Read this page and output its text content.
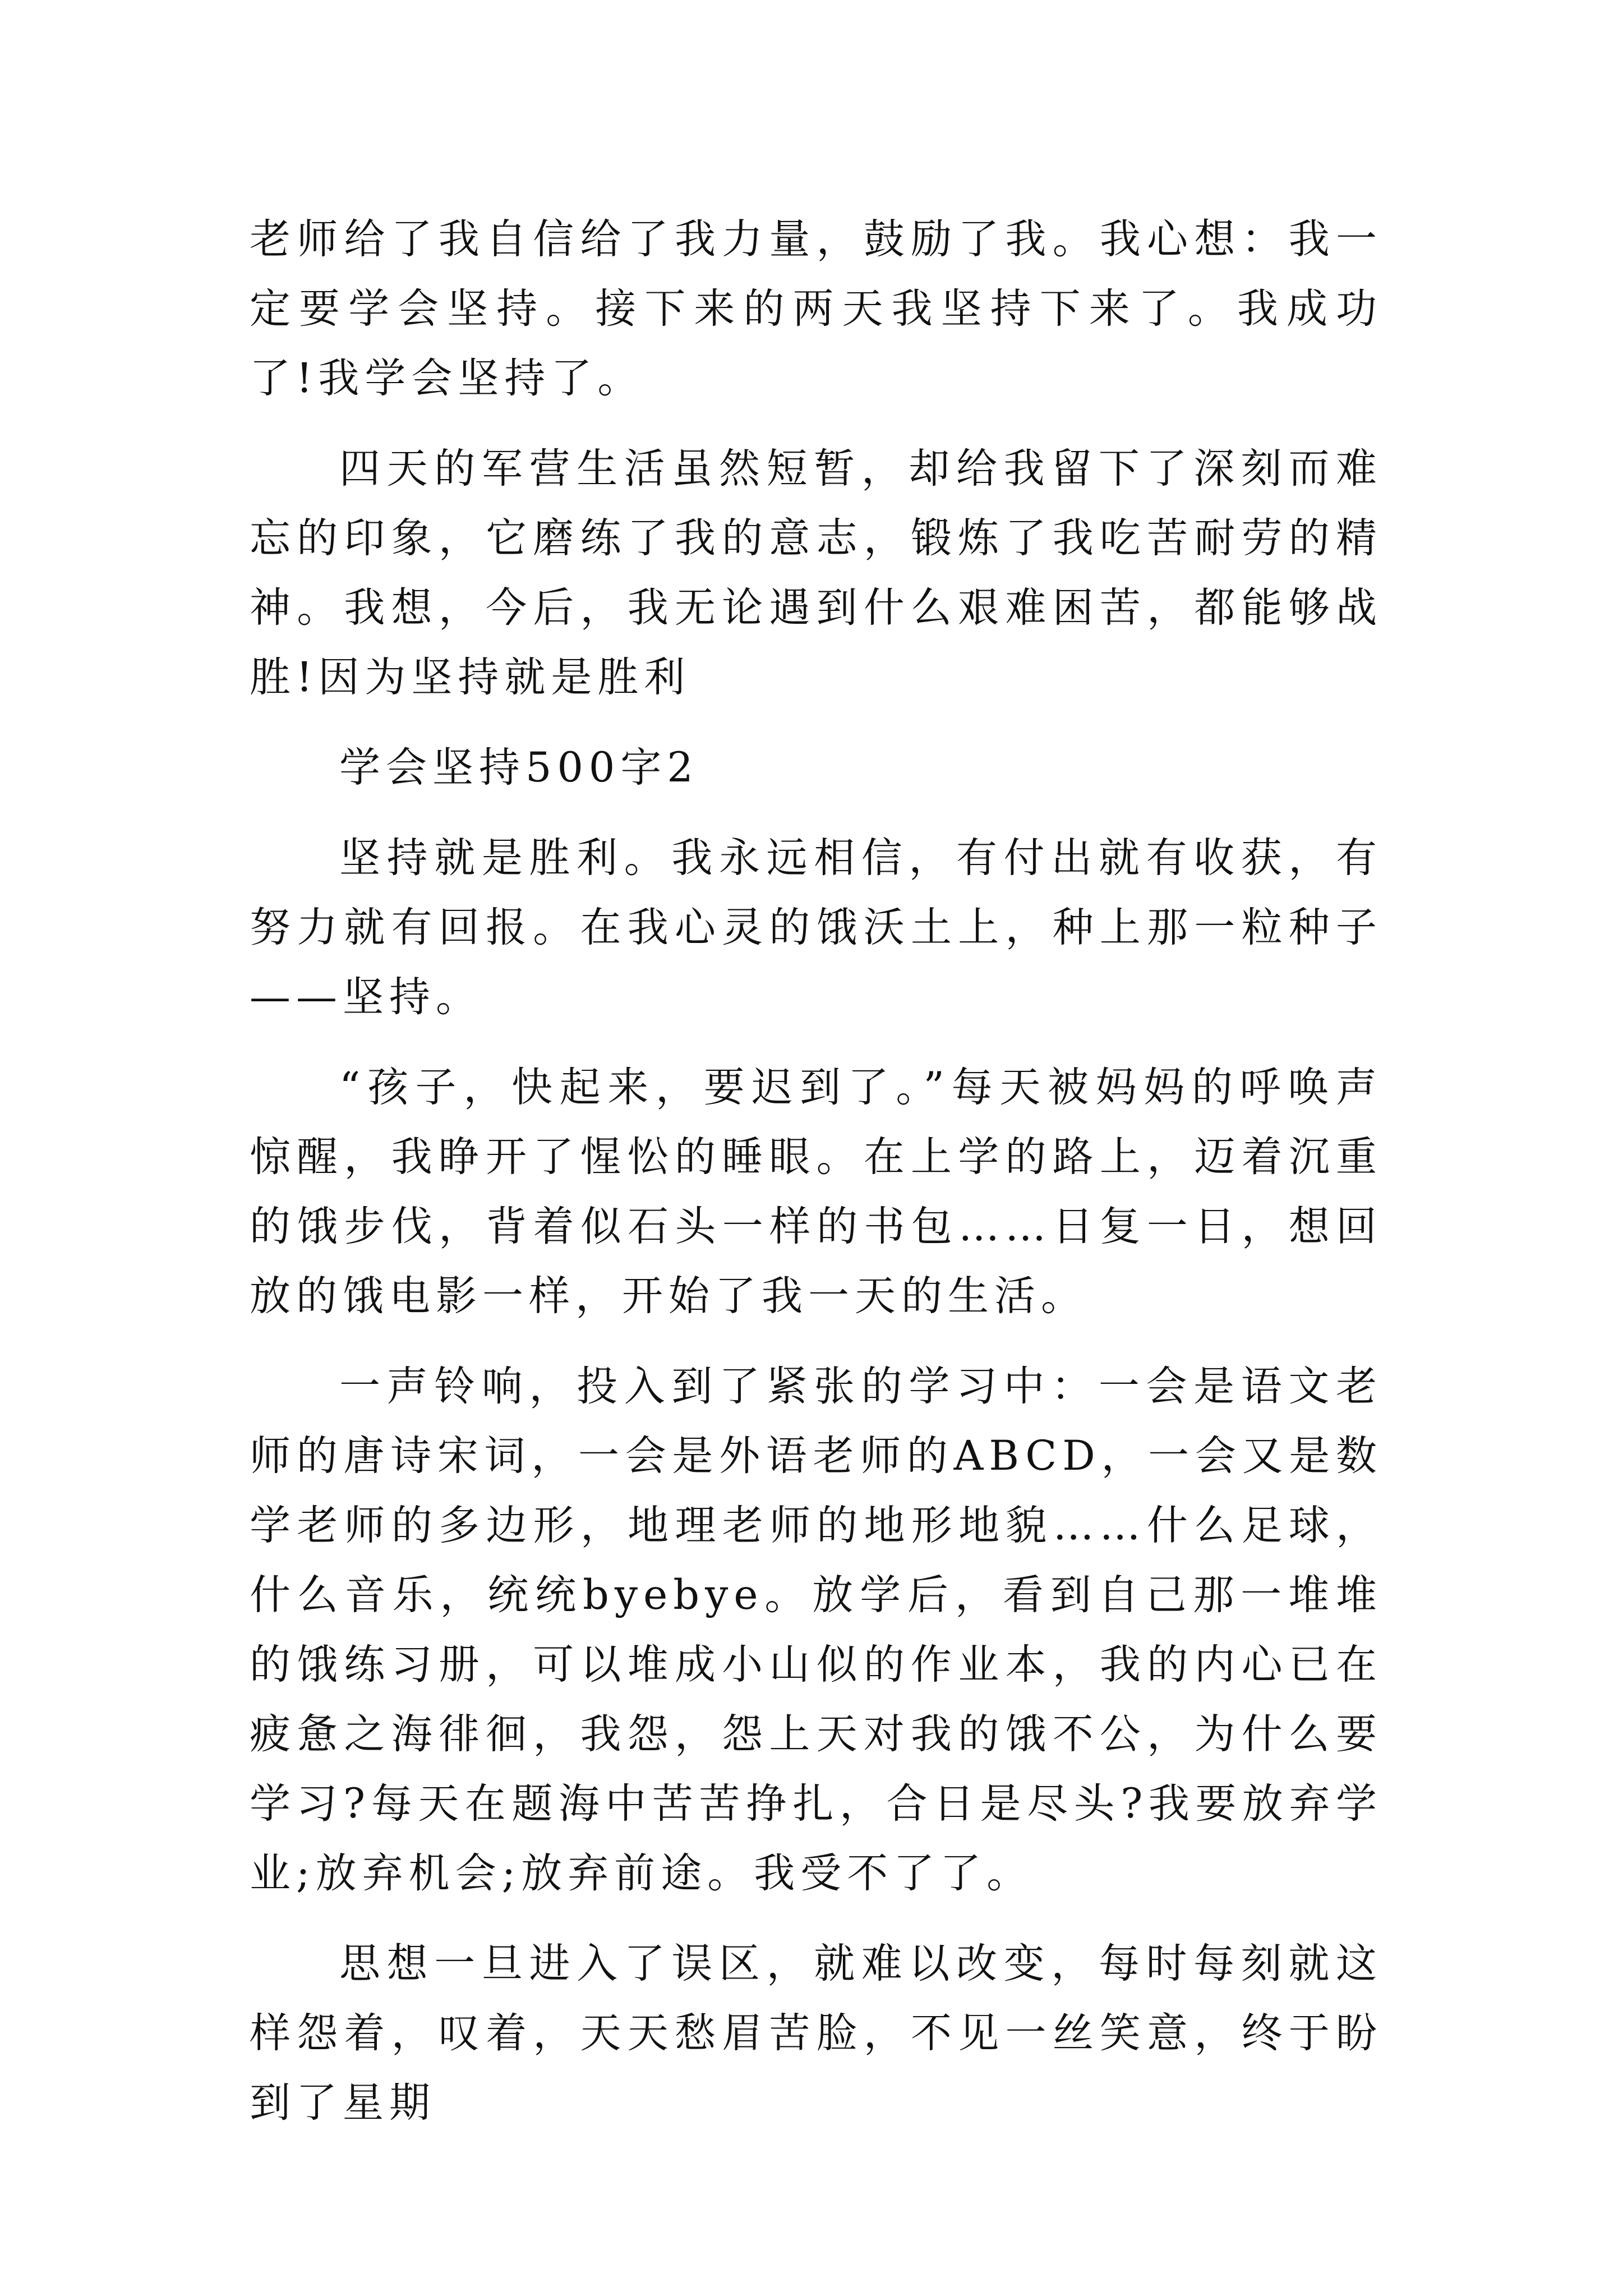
老师给了我自信给了我力量，鼓励了我。我心想：我一定要学会坚持。接下来的两天我坚持下来了。我成功了!我学会坚持了。

四天的军营生活虽然短暂，却给我留下了深刻而难忘的印象，它磨练了我的意志，锻炼了我吃苦耐劳的精神。我想，今后，我无论遇到什么艰难困苦，都能够战胜!因为坚持就是胜利

学会坚持500字2

坚持就是胜利。我永远相信，有付出就有收获，有努力就有回报。在我心灵的饿沃土上，种上那一粒种子——坚持。

“孩子，快起来，要迟到了。”每天被妈妈的呼唤声惊醒，我睁开了惺忪的睡眼。在上学的路上，迈着沉重的饿步伐，背着似石头一样的书包……日复一日，想回放的饿电影一样，开始了我一天的生活。

一声铃响，投入到了紧张的学习中：一会是语文老师的唐诗宋词，一会是外语老师的ABCD，一会又是数学老师的多边形，地理老师的地形地貌……什么足球，什么音乐，统统byebye。放学后，看到自己那一堆堆的饿练习册，可以堆成小山似的作业本，我的内心已在疲惫之海徘徊，我怨，怨上天对我的饿不公，为什么要学习?每天在题海中苦苦挣扎，合日是尽头?我要放弃学业;放弃机会;放弃前途。我受不了了。

思想一旦进入了误区，就难以改变，每时每刻就这样怨着，叹着，天天愁眉苦脸，不见一丝笑意，终于盼到了星期
